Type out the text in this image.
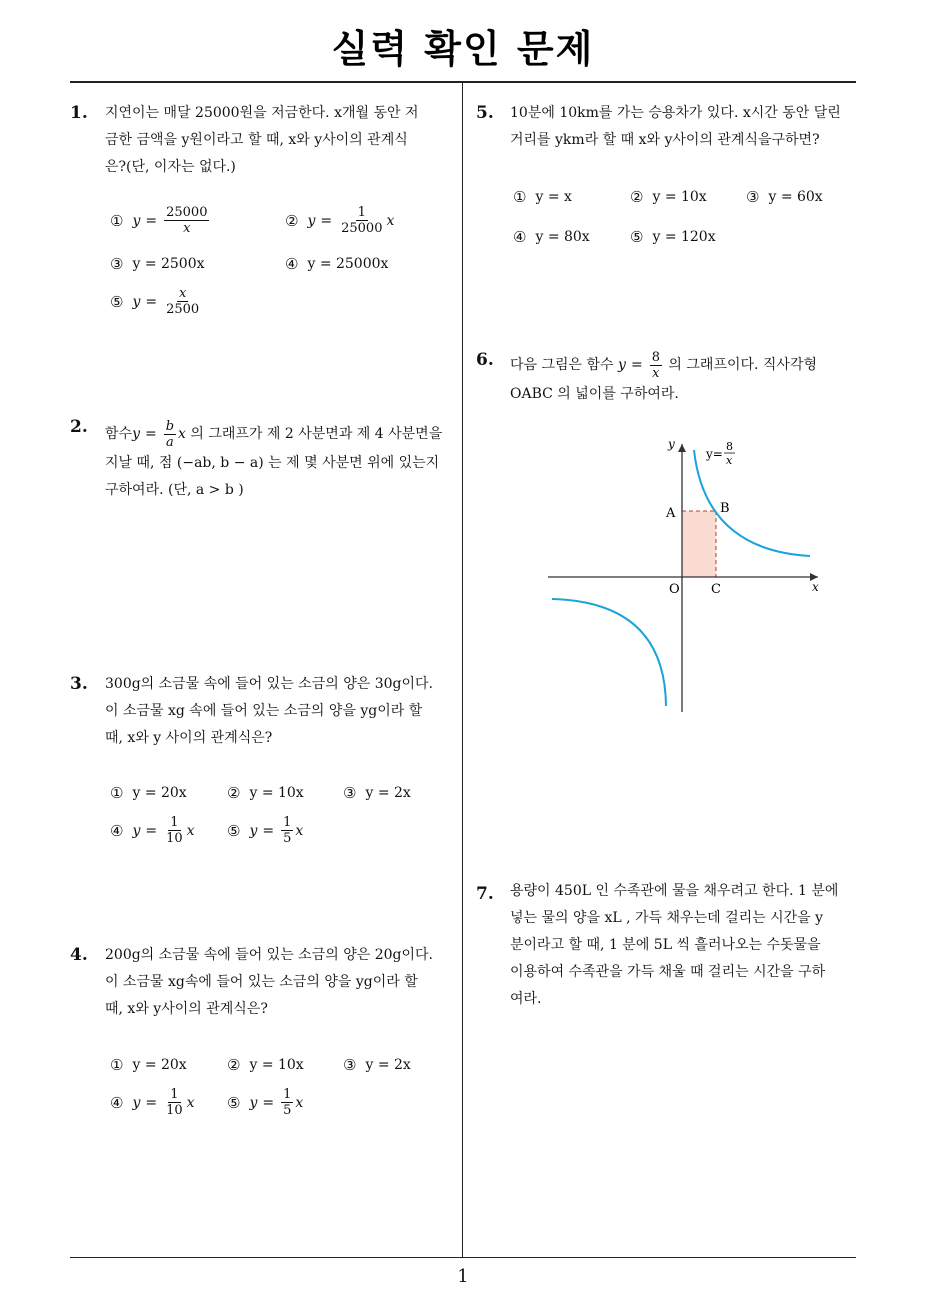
실력 확인 문제
1
1. 지연이는 매달 25000원을 저금한다. x개월 동안 저
금한 금액을 y원이라고 할 때, x와 y사이의 관계식
은?(단, 이자는 없다.)
① $y = \frac{25000}{x}$	② $y = \frac{1}{25000}$ x
③ y = 2500x	④ y = 25000x
⑤ $y = \frac{x}{2500}$
2. 함수 $y = \frac{b}{a}$ x 의 그래프가 제 2 사분면과 제 4 사분면을
지날 때, 점 (−ab, b − a) 는 제 몇 사분면 위에 있는지
구하여라. (단, a > b )
3. 300g의 소금물 속에 들어 있는 소금의 양은 30g이다.
이 소금물 xg 속에 들어 있는 소금의 양을 yg이라 할
때, x와 y 사이의 관계식은?
① y = 20x	② y = 10x	③ y = 2x
④ $y = \frac{1}{10}$ x ⑤ $y = \frac{1}{5}$ x
4. 200g의 소금물 속에 들어 있는 소금의 양은 20g이다.
이 소금물 xg속에 들어 있는 소금의 양을 yg이라 할
때, x와 y사이의 관계식은?
① y = 20x	② y = 10x	③ y = 2x
④ $y = \frac{1}{10}$ x ⑤ $y = \frac{1}{5}$ x
5. 10분에 10km를 가는 승용차가 있다. x시간 동안 달린
거리를 ykm라 할 때 x와 y사이의 관계식을구하면?
① y = x	② y = 10x	③ y = 60x
④ y = 80x	⑤ y = 120x
6. 다음 그림은 함수 $y = \frac{8}{x}$ 의 그래프이다. 직사각형
OABC 의 넓이를 구하여라.
y
x
y=
8
x
A	B
O C
7. 용량이 450L 인 수족관에 물을 채우려고 한다. 1 분에
넣는 물의 양을 xL , 가득 채우는데 걸리는 시간을 y
분이라고 할 때, 1 분에 5L 씩 흘러나오는 수돗물을
이용하여 수족관을 가득 채울 때 걸리는 시간을 구하
여라.
